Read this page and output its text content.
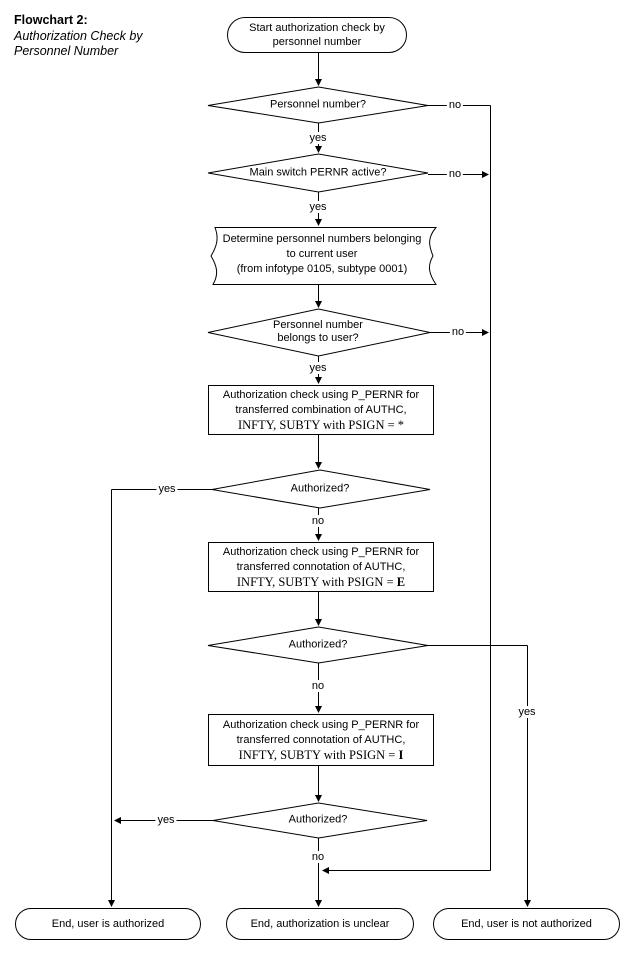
Flowchart 2:
Authorization Check by
Personnel Number
Start authorization check by
personnel number
Personnel number?
Main switch PERNR active?
Personnel number
belongs to user?
Authorized?
Authorized?
Authorized?
Determine personnel numbers belonging
to current user
(from infotype 0105, subtype 0001)
Authorization check using P_PERNR for
transferred combination of AUTHC,
INFTY, SUBTY with PSIGN = *
Authorization check using P_PERNR for
transferred connotation of AUTHC,
INFTY, SUBTY with PSIGN = E
Authorization check using P_PERNR for
transferred connotation of AUTHC,
INFTY, SUBTY with PSIGN = I
End, user is authorized	End, authorization is unclear	End, user is not authorized
yes
no
yes
no
yes
no
yes
no
yes
no
yes
no
